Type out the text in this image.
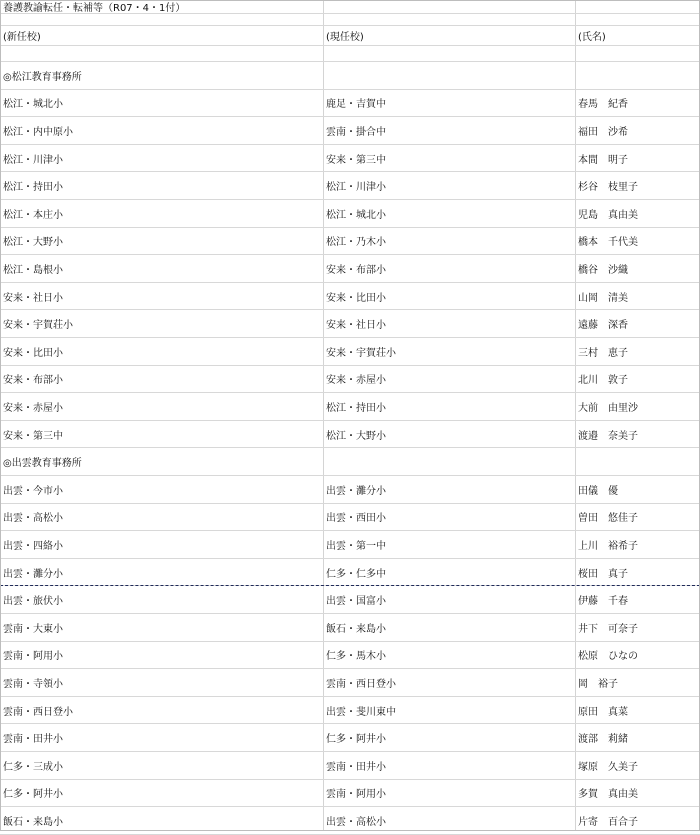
養護教諭転任・転補等（R07・4・1付）
(新任校)	(現任校)	(氏名)
◎松江教育事務所
松江・城北小	鹿足・吉賀中	春馬　紀香
松江・内中原小	雲南・掛合中	福田　沙希
松江・川津小	安来・第三中	本間　明子
松江・持田小	松江・川津小	杉谷　枝里子
松江・本庄小	松江・城北小	児島　真由美
松江・大野小	松江・乃木小	橋本　千代美
松江・島根小	安来・布部小	橋谷　沙織
安来・社日小	安来・比田小	山岡　清美
安来・宇賀荘小	安来・社日小	遠藤　深香
安来・比田小	安来・宇賀荘小	三村　恵子
安来・布部小	安来・赤屋小	北川　敦子
安来・赤屋小	松江・持田小	大前　由里沙
安来・第三中	松江・大野小	渡邉　奈美子
◎出雲教育事務所
出雲・今市小	出雲・灘分小	田儀　優
出雲・高松小	出雲・西田小	曽田　悠佳子
出雲・四絡小	出雲・第一中	上川　裕希子
出雲・灘分小	仁多・仁多中	桜田　真子
出雲・旅伏小	出雲・国富小	伊藤　千春
雲南・大東小	飯石・来島小	井下　可奈子
雲南・阿用小	仁多・馬木小	松原　ひなの
雲南・寺領小	雲南・西日登小	岡　裕子
雲南・西日登小	出雲・斐川東中	原田　真菜
雲南・田井小	仁多・阿井小	渡部　莉緒
仁多・三成小	雲南・田井小	塚原　久美子
仁多・阿井小	雲南・阿用小	多賀　真由美
飯石・来島小	出雲・高松小	片寄　百合子
